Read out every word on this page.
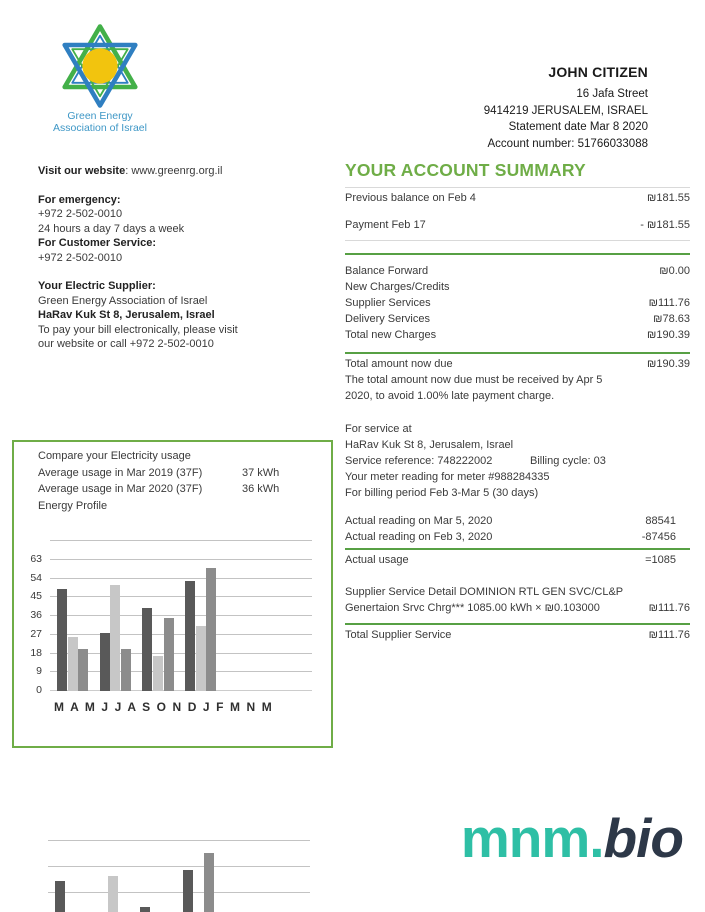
Green Energy
Association of Israel
JOHN CITIZEN
16 Jafa Street
9414219 JERUSALEM, ISRAEL
Statement date Mar 8 2020
Account number: 51766033088
Visit our website: www.greenrg.org.il
For emergency:
+972 2-502-0010
24 hours a day 7 days a week
For Customer Service:
+972 2-502-0010
Your Electric Supplier:
Green Energy Association of Israel
HaRav Kuk St 8, Jerusalem, Israel
To pay your bill electronically, please visit
our website or call +972 2-502-0010
YOUR ACCOUNT SUMMARY
Previous balance on Feb 4	₪181.55
Payment Feb 17	- ₪181.55
Balance Forward	₪0.00
New Charges/Credits
Supplier Services	₪111.76
Delivery Services	₪78.63
Total new Charges	₪190.39
Total amount now due	₪190.39
The total amount now due must be received by Apr 5
2020, to avoid 1.00% late payment charge.
For service at
HaRav Kuk St 8, Jerusalem, Israel
Service reference: 748222002	Billing cycle: 03
Your meter reading for meter #988284335
For billing period Feb 3-Mar 5 (30 days)
Actual reading on Mar 5, 2020	88541
Actual reading on Feb 3, 2020	-87456
Actual usage	=1085
Supplier Service Detail DOMINION RTL GEN SVC/CL&P
Genertaion Srvc Chrg*** 1085.00 kWh × ₪0.103000	₪111.76
Total Supplier Service	₪111.76
Compare your Electricity usage
Average usage in Mar 2019 (37F)	37 kWh
Average usage in Mar 2020 (37F)	36 kWh
Energy Profile
0
9
18
27
36
45
54
63
M A M J J A S O N D J F M N M
mnm.bio
